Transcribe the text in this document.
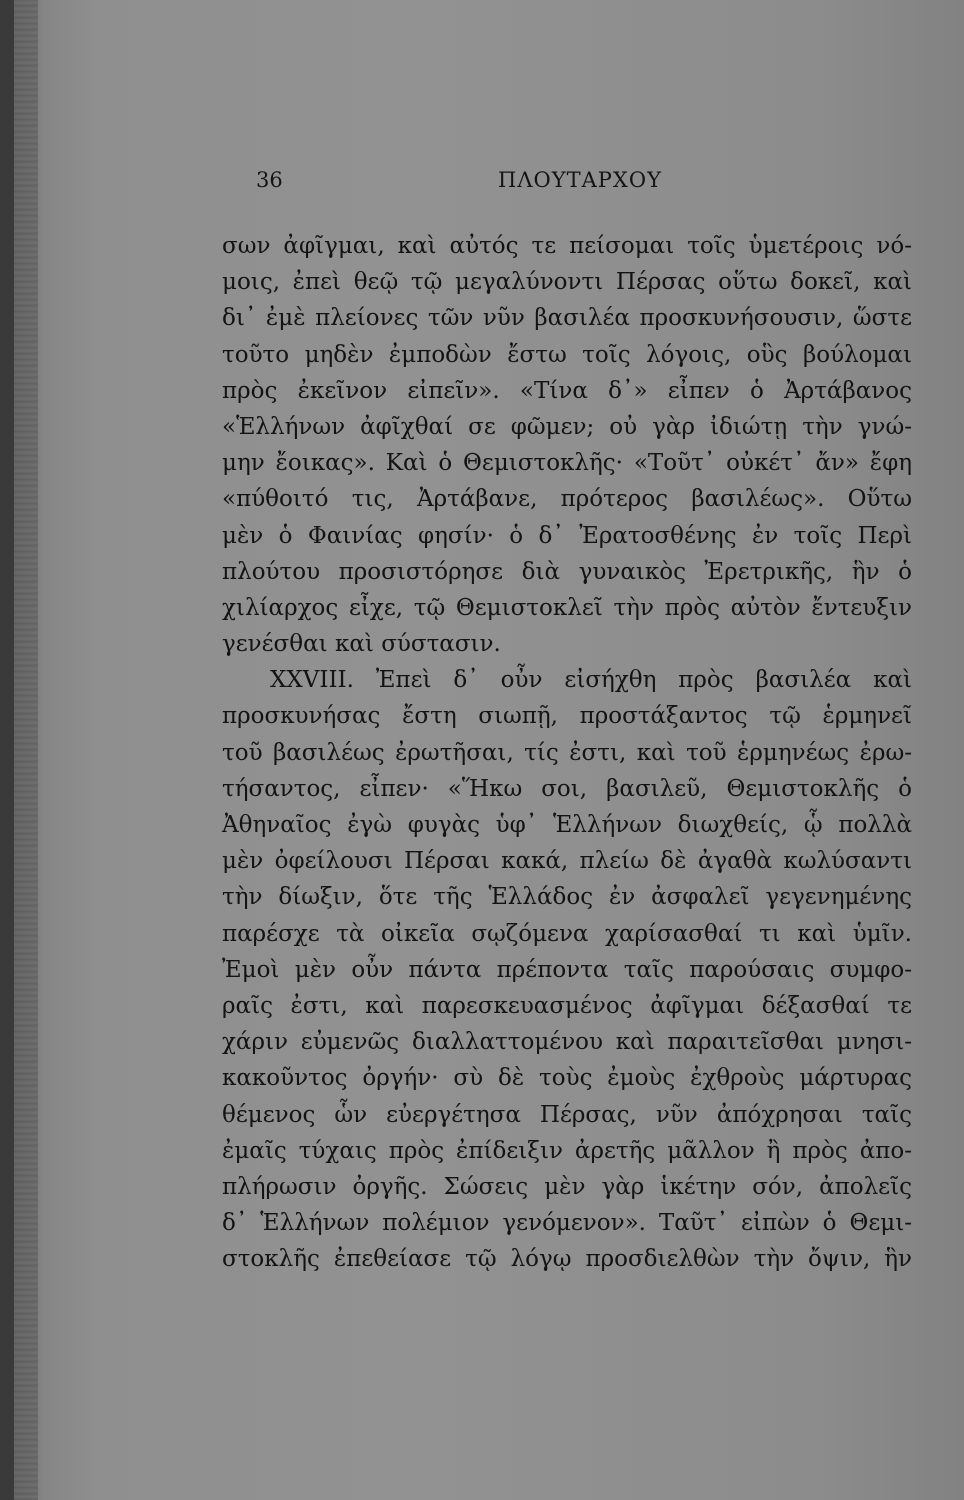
36	ΠΛΟΥΤΑΡΧΟΥ
σων ἀφῖγμαι, καὶ αὐτός τε πείσομαι τοῖς ὑμετέροις νό-
μοις, ἐπεὶ θεῷ τῷ μεγαλύνοντι Πέρσας οὕτω δοκεῖ, καὶ
δι᾽ ἐμὲ πλείονες τῶν νῦν βασιλέα προσκυνήσουσιν, ὥστε
τοῦτο μηδὲν ἐμποδὼν ἔστω τοῖς λόγοις, οὓς βούλομαι
πρὸς ἐκεῖνον εἰπεῖν». «Τίνα δ᾽» εἶπεν ὁ Ἀρτάβανος
«Ἑλλήνων ἀφῖχθαί σε φῶμεν; οὐ γὰρ ἰδιώτῃ τὴν γνώ-
μην ἔοικας». Καὶ ὁ Θεμιστοκλῆς· «Τοῦτ᾽ οὐκέτ᾽ ἄν» ἔφη
«πύθοιτό τις, Ἀρτάβανε, πρότερος βασιλέως». Οὕτω
μὲν ὁ Φαινίας φησίν· ὁ δ᾽ Ἐρατοσθένης ἐν τοῖς Περὶ
πλούτου προσιστόρησε διὰ γυναικὸς Ἐρετρικῆς, ἣν ὁ
χιλίαρχος εἶχε, τῷ Θεμιστοκλεῖ τὴν πρὸς αὐτὸν ἔντευξιν
γενέσθαι καὶ σύστασιν.
XXVIII. Ἐπεὶ δ᾽ οὖν εἰσήχθη πρὸς βασιλέα καὶ
προσκυνήσας ἔστη σιωπῇ, προστάξαντος τῷ ἑρμηνεῖ
τοῦ βασιλέως ἐρωτῆσαι, τίς ἐστι, καὶ τοῦ ἑρμηνέως ἐρω-
τήσαντος, εἶπεν· «Ἥκω σοι, βασιλεῦ, Θεμιστοκλῆς ὁ
Ἀθηναῖος ἐγὼ φυγὰς ὑφ᾽ Ἑλλήνων διωχθείς, ᾧ πολλὰ
μὲν ὀφείλουσι Πέρσαι κακά, πλείω δὲ ἀγαθὰ κωλύσαντι
τὴν δίωξιν, ὅτε τῆς Ἑλλάδος ἐν ἀσφαλεῖ γεγενημένης
παρέσχε τὰ οἰκεῖα σῳζόμενα χαρίσασθαί τι καὶ ὑμῖν.
Ἐμοὶ μὲν οὖν πάντα πρέποντα ταῖς παρούσαις συμφο-
ραῖς ἐστι, καὶ παρεσκευασμένος ἀφῖγμαι δέξασθαί τε
χάριν εὐμενῶς διαλλαττομένου καὶ παραιτεῖσθαι μνησι-
κακοῦντος ὀργήν· σὺ δὲ τοὺς ἐμοὺς ἐχθροὺς μάρτυρας
θέμενος ὧν εὐεργέτησα Πέρσας, νῦν ἀπόχρησαι ταῖς
ἐμαῖς τύχαις πρὸς ἐπίδειξιν ἀρετῆς μᾶλλον ἢ πρὸς ἀπο-
πλήρωσιν ὀργῆς. Σώσεις μὲν γὰρ ἱκέτην σόν, ἀπολεῖς
δ᾽ Ἑλλήνων πολέμιον γενόμενον». Ταῦτ᾽ εἰπὼν ὁ Θεμι-
στοκλῆς ἐπεθείασε τῷ λόγῳ προσδιελθὼν τὴν ὄψιν, ἣν
